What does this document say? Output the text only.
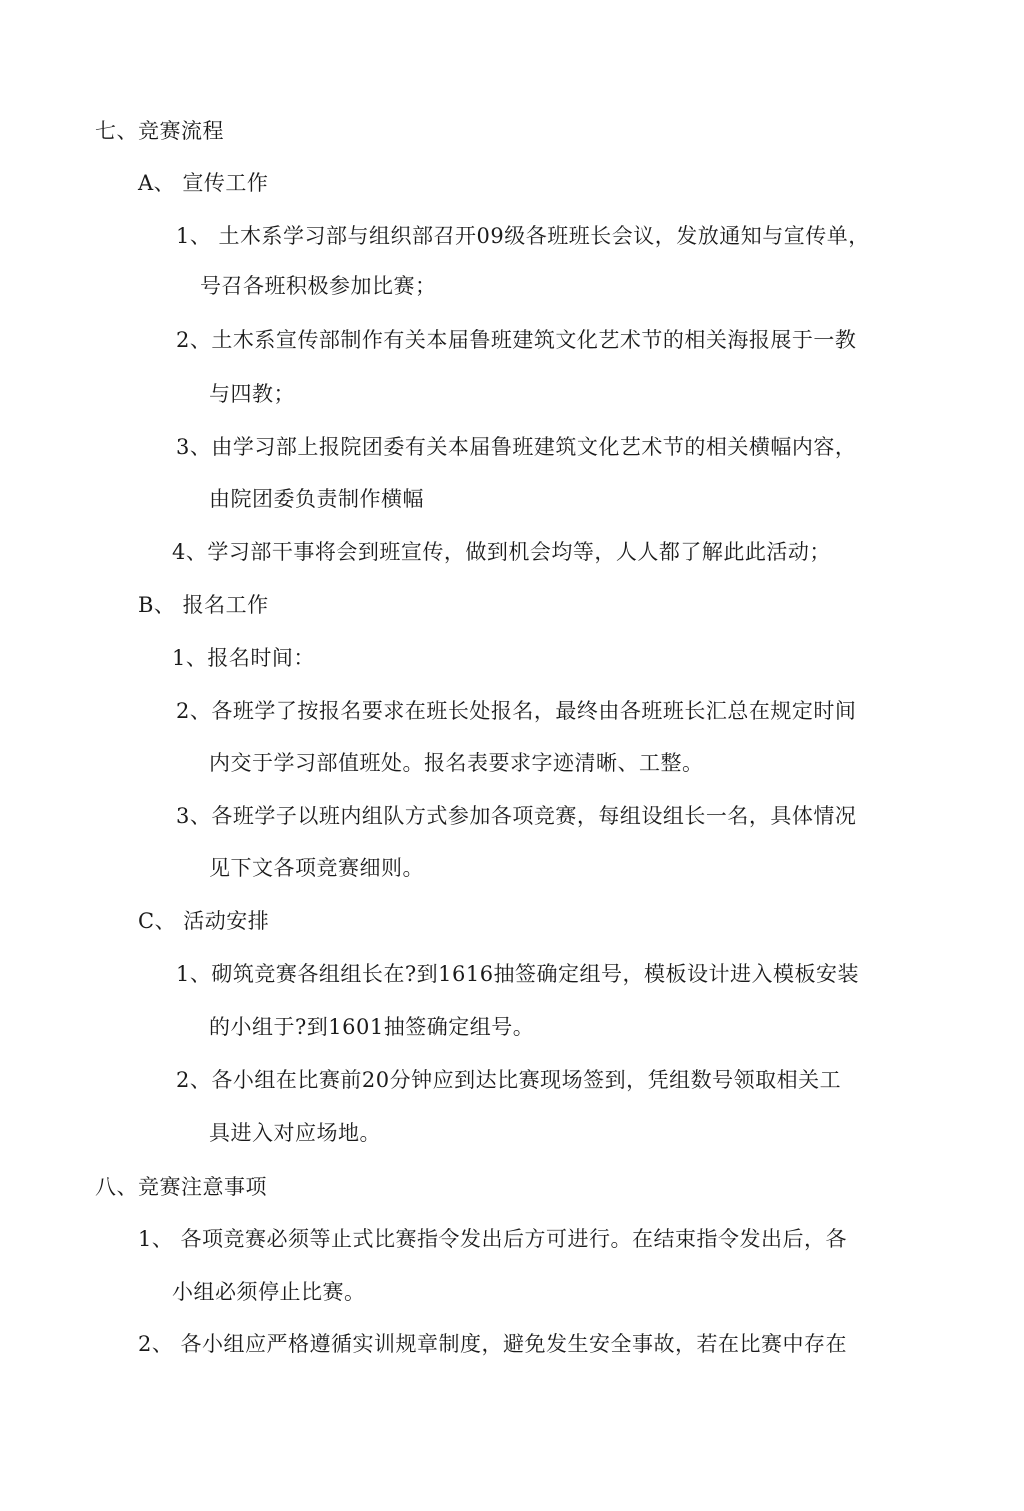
七、竞赛流程
A、 宣传工作
1、 土木系学习部与组织部召开09级各班班长会议，发放通知与宣传单，
号召各班积极参加比赛；
2、土木系宣传部制作有关本届鲁班建筑文化艺术节的相关海报展于一教
与四教；
3、由学习部上报院团委有关本届鲁班建筑文化艺术节的相关横幅内容，
由院团委负责制作横幅
4、学习部干事将会到班宣传，做到机会均等，人人都了解此此活动；
B、 报名工作
1、报名时间：
2、各班学了按报名要求在班长处报名，最终由各班班长汇总在规定时间
内交于学习部值班处。报名表要求字迹清晰、工整。
3、各班学子以班内组队方式参加各项竞赛，每组设组长一名，具体情况
见下文各项竞赛细则。
C、 活动安排
1、砌筑竞赛各组组长在?到1616抽签确定组号，模板设计进入模板安装
的小组于?到1601抽签确定组号。
2、各小组在比赛前20分钟应到达比赛现场签到，凭组数号领取相关工
具进入对应场地。
八、竞赛注意事项
1、 各项竞赛必须等止式比赛指令发出后方可进行。在结束指令发出后，各
小组必须停止比赛。
2、 各小组应严格遵循实训规章制度，避免发生安全事故，若在比赛中存在
